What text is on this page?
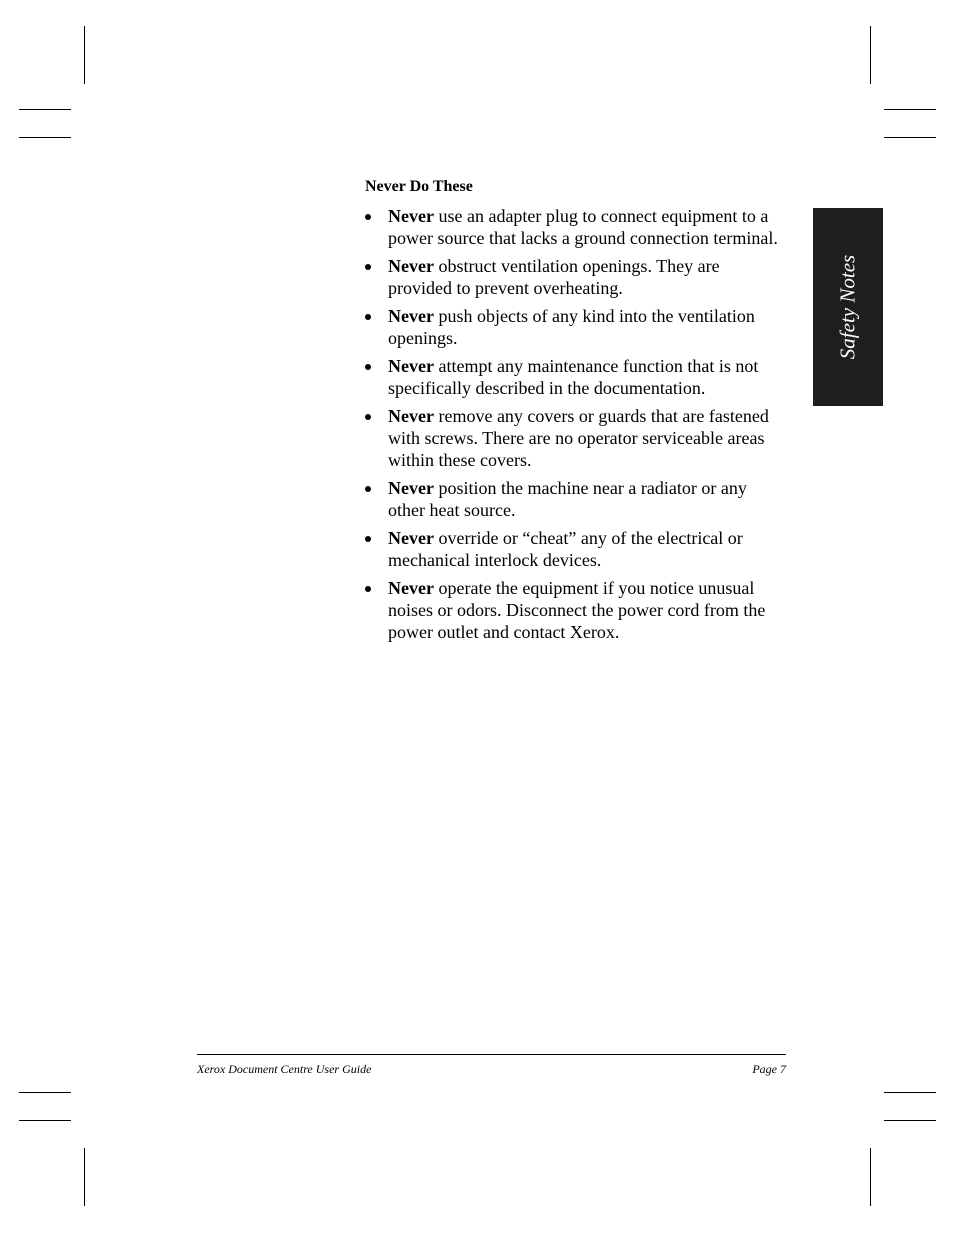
Never Do These
Never use an adapter plug to connect equipment to a power source that lacks a ground connection terminal.
Never obstruct ventilation openings. They are provided to prevent overheating.
Never push objects of any kind into the ventilation openings.
Never attempt any maintenance function that is not specifically described in the documentation.
Never remove any covers or guards that are fastened with screws. There are no operator serviceable areas within these covers.
Never position the machine near a radiator or any other heat source.
Never override or “cheat” any of the electrical or mechanical interlock devices.
Never operate the equipment if you notice unusual noises or odors. Disconnect the power cord from the power outlet and contact Xerox.
Safety Notes
Xerox Document Centre User Guide	Page 7
